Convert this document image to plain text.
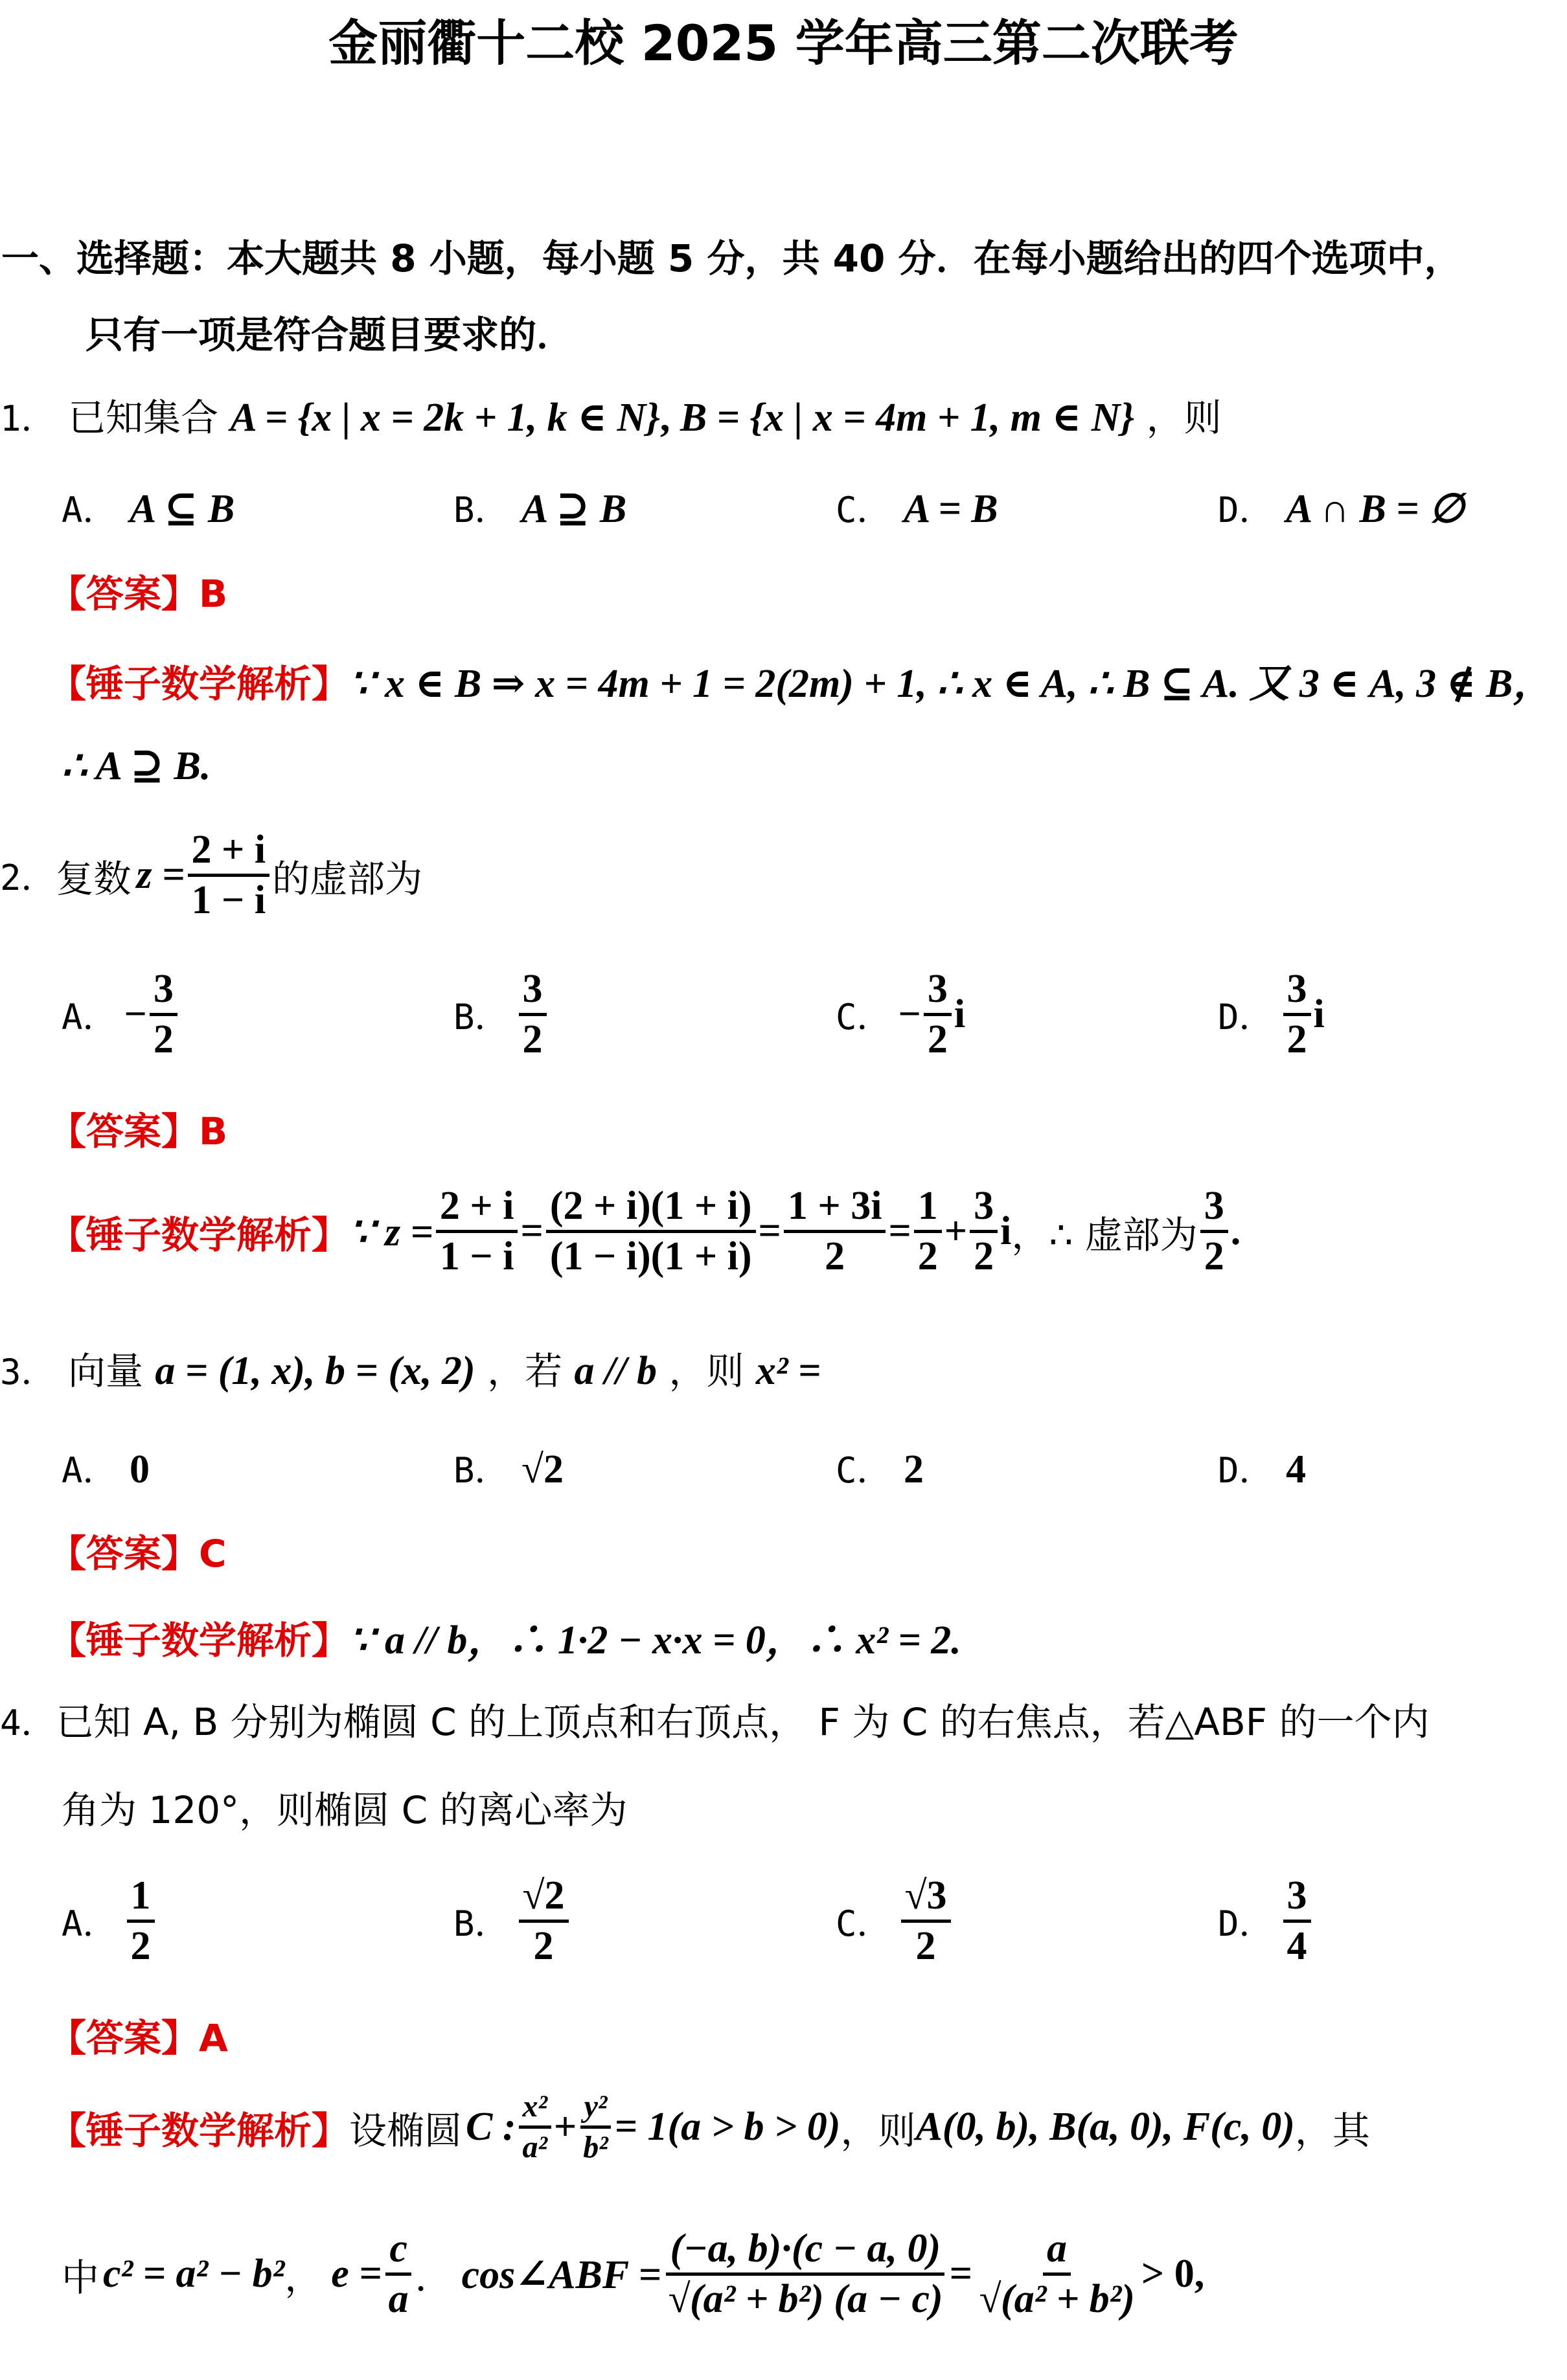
金丽衢十二校 2025 学年高三第二次联考
一、选择题：本大题共 8 小题，每小题 5 分，共 40 分．在每小题给出的四个选项中，
只有一项是符合题目要求的．
1． 已知集合 A = {x | x = 2k + 1, k ∈ N}, B = {x | x = 4m + 1, m ∈ N} ，则
A． A ⊆ B	B． A ⊇ B	C． A = B	D． A ∩ B = ∅
【答案】B
【锤子数学解析】∵ x ∈ B ⇒ x = 4m + 1 = 2(2m) + 1, ∴ x ∈ A, ∴ B ⊆ A. 又 3 ∈ A, 3 ∉ B，
∴ A ⊇ B.
2． 复数 $z = \frac{2 + i}{1 - i}$ 的虚部为
A． − $\frac{3}{2}$	B． $\frac{3}{2}$	C． − $\frac{3}{2}$ i	D． $\frac{3}{2}$ i
【答案】B
【锤子数学解析】 ∵ $z = \frac{2 + i}{1 - i} = \frac{(2 + i)(1 + i)}{(1 - i)(1 + i)} = \frac{1 + 3i}{2} = \frac{1}{2} + \frac{3}{2}$ i ，∴ 虚部为 $\frac{3}{2}$ .
3． 向量 a = (1, x), b = (x, 2) ，若 a // b ，则 x² =
A． 0	B． √2	C． 2	D． 4
【答案】C
【锤子数学解析】∵ a // b，∴ 1·2 − x·x = 0，∴ x² = 2.
4．已知 A, B 分别为椭圆 C 的上顶点和右顶点， F 为 C 的右焦点，若△ABF 的一个内
角为 120°，则椭圆 C 的离心率为
A． $\frac{1}{2}$	B． $\frac{√2}{2}$	C． $\frac{√3}{2}$	D． $\frac{3}{4}$
【答案】A
【锤子数学解析】 设椭圆 C : $\frac{\text{x²}}{\text{a²}} + \frac{\text{y²}}{\text{b²}} = 1(a > b > 0)$ ，则 A(0, b), B(a, 0), F(c, 0) ，其
中 c² = a² − b² ， $e = \frac{c}{a}$ ． cos∠ABF = $\frac{(-a, b)\cdot(c - a, 0)}{\text{√(a² + b²) (a − c)}} = \frac{a}{\text{√(a² + b²)}} > 0$,
